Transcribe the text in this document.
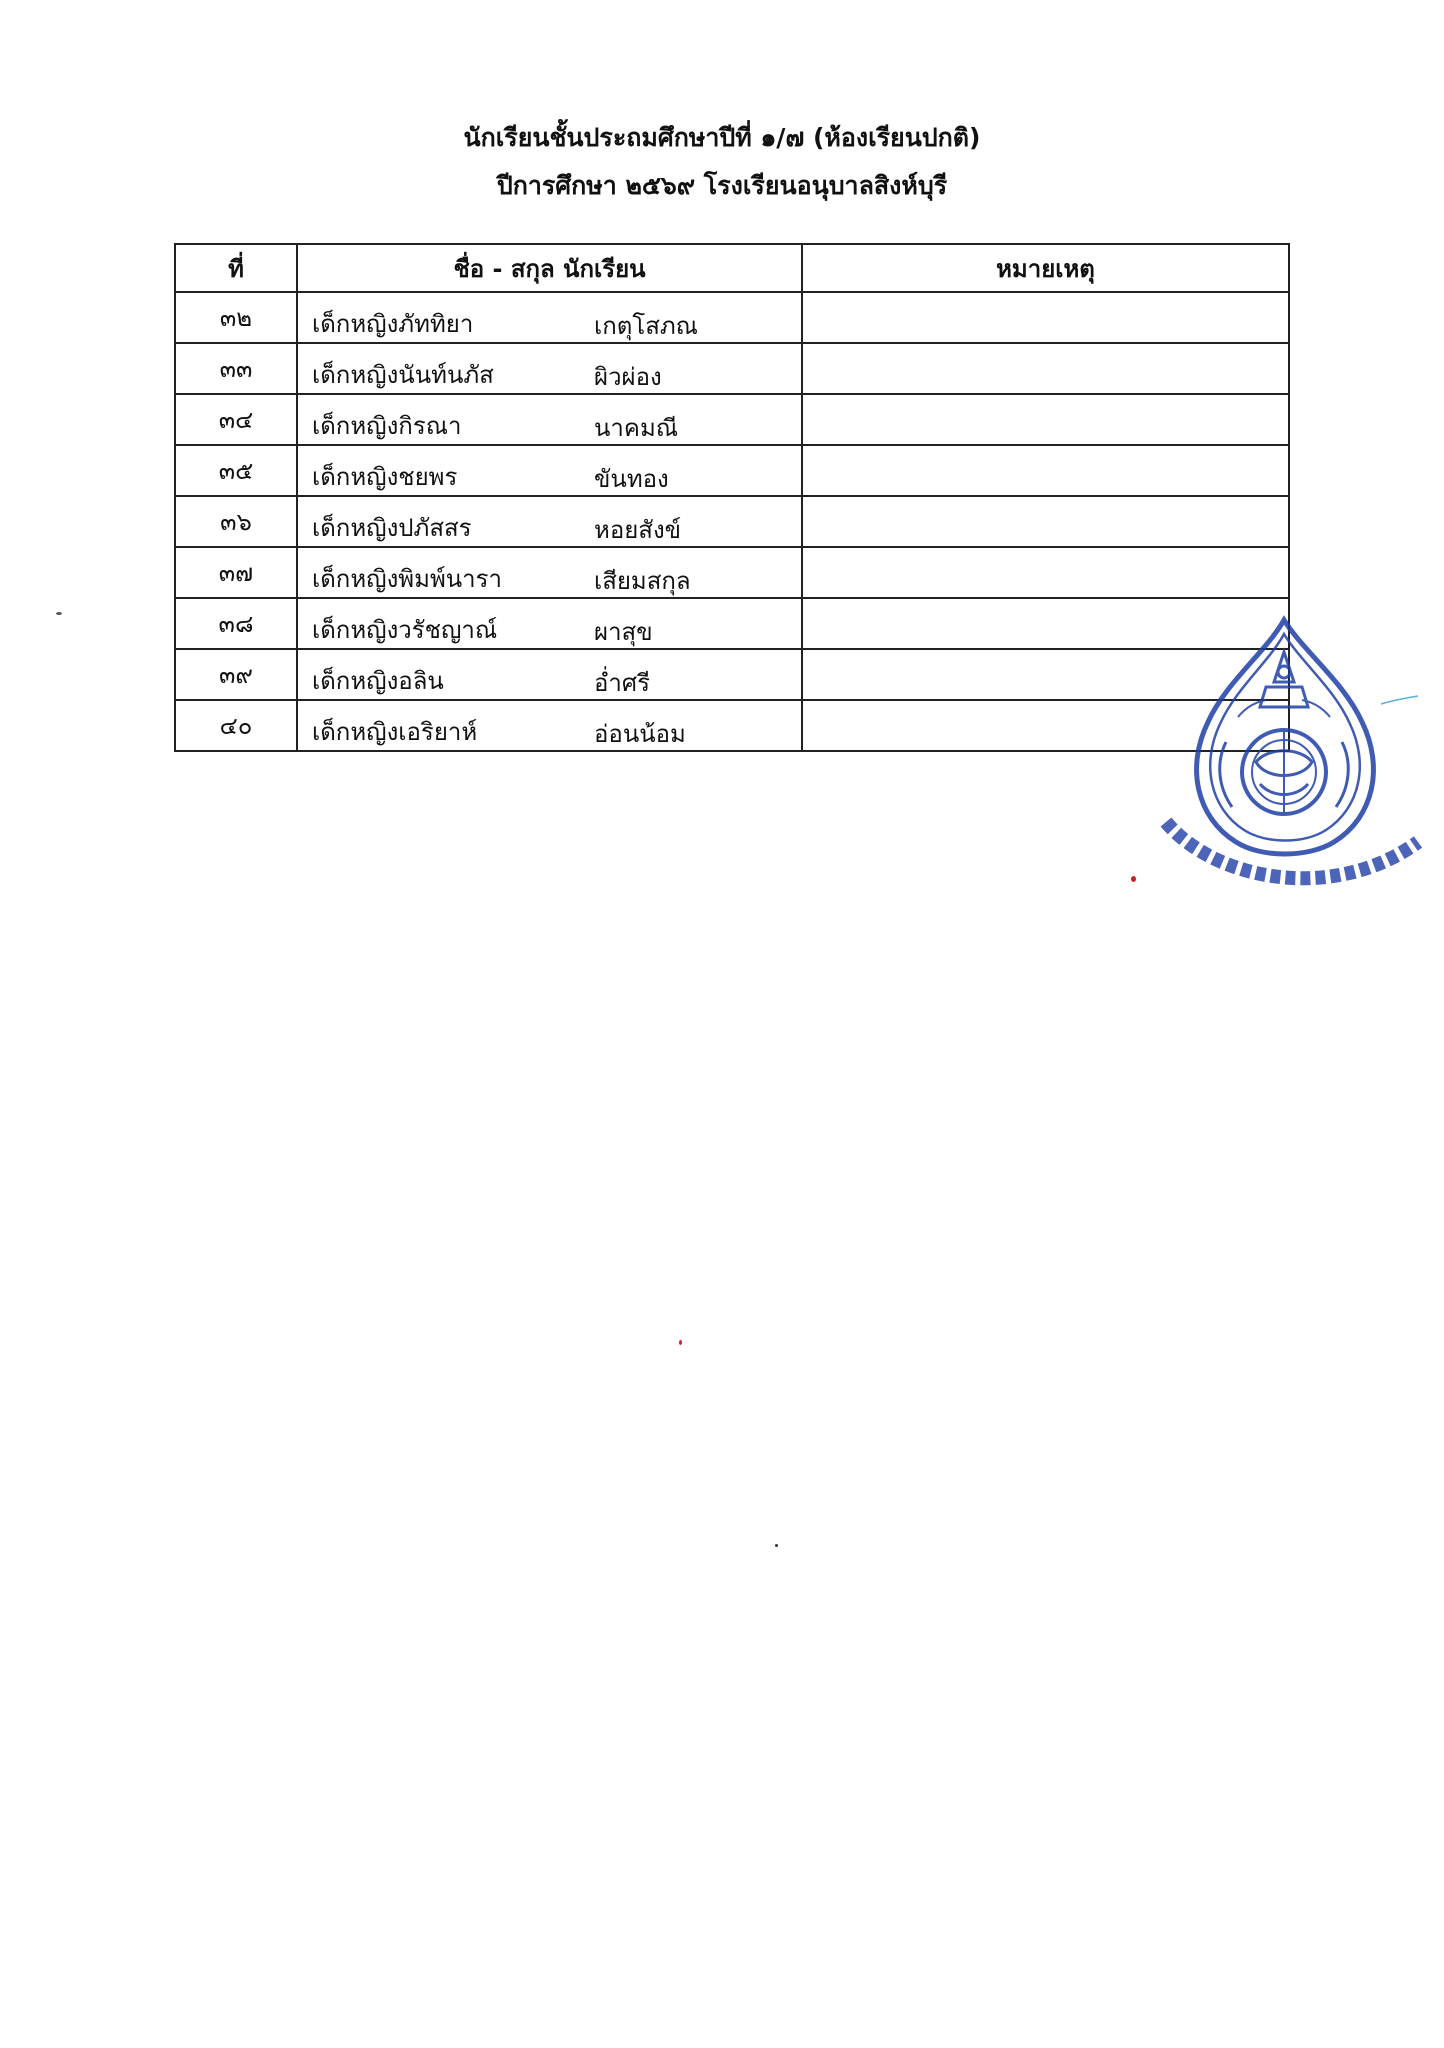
นักเรียนชั้นประถมศึกษาปีที่ ๑/๗ (ห้องเรียนปกติ)
ปีการศึกษา ๒๕๖๙ โรงเรียนอนุบาลสิงห์บุรี
ที่	ชื่อ - สกุล นักเรียน	หมายเหตุ
๓๒	เด็กหญิงภัททิยา เกตุโสภณ	

๓๓	เด็กหญิงนันท์นภัส ผิวผ่อง	

๓๔	เด็กหญิงกิรณา นาคมณี	

๓๕	เด็กหญิงชยพร ขันทอง	

๓๖	เด็กหญิงปภัสสร หอยสังข์	

๓๗	เด็กหญิงพิมพ์นารา เสียมสกุล	

๓๘	เด็กหญิงวรัชญาณ์ ผาสุข	

๓๙	เด็กหญิงอลิน อ่ำศรี	

๔๐	เด็กหญิงเอริยาห์ อ่อนน้อม	
